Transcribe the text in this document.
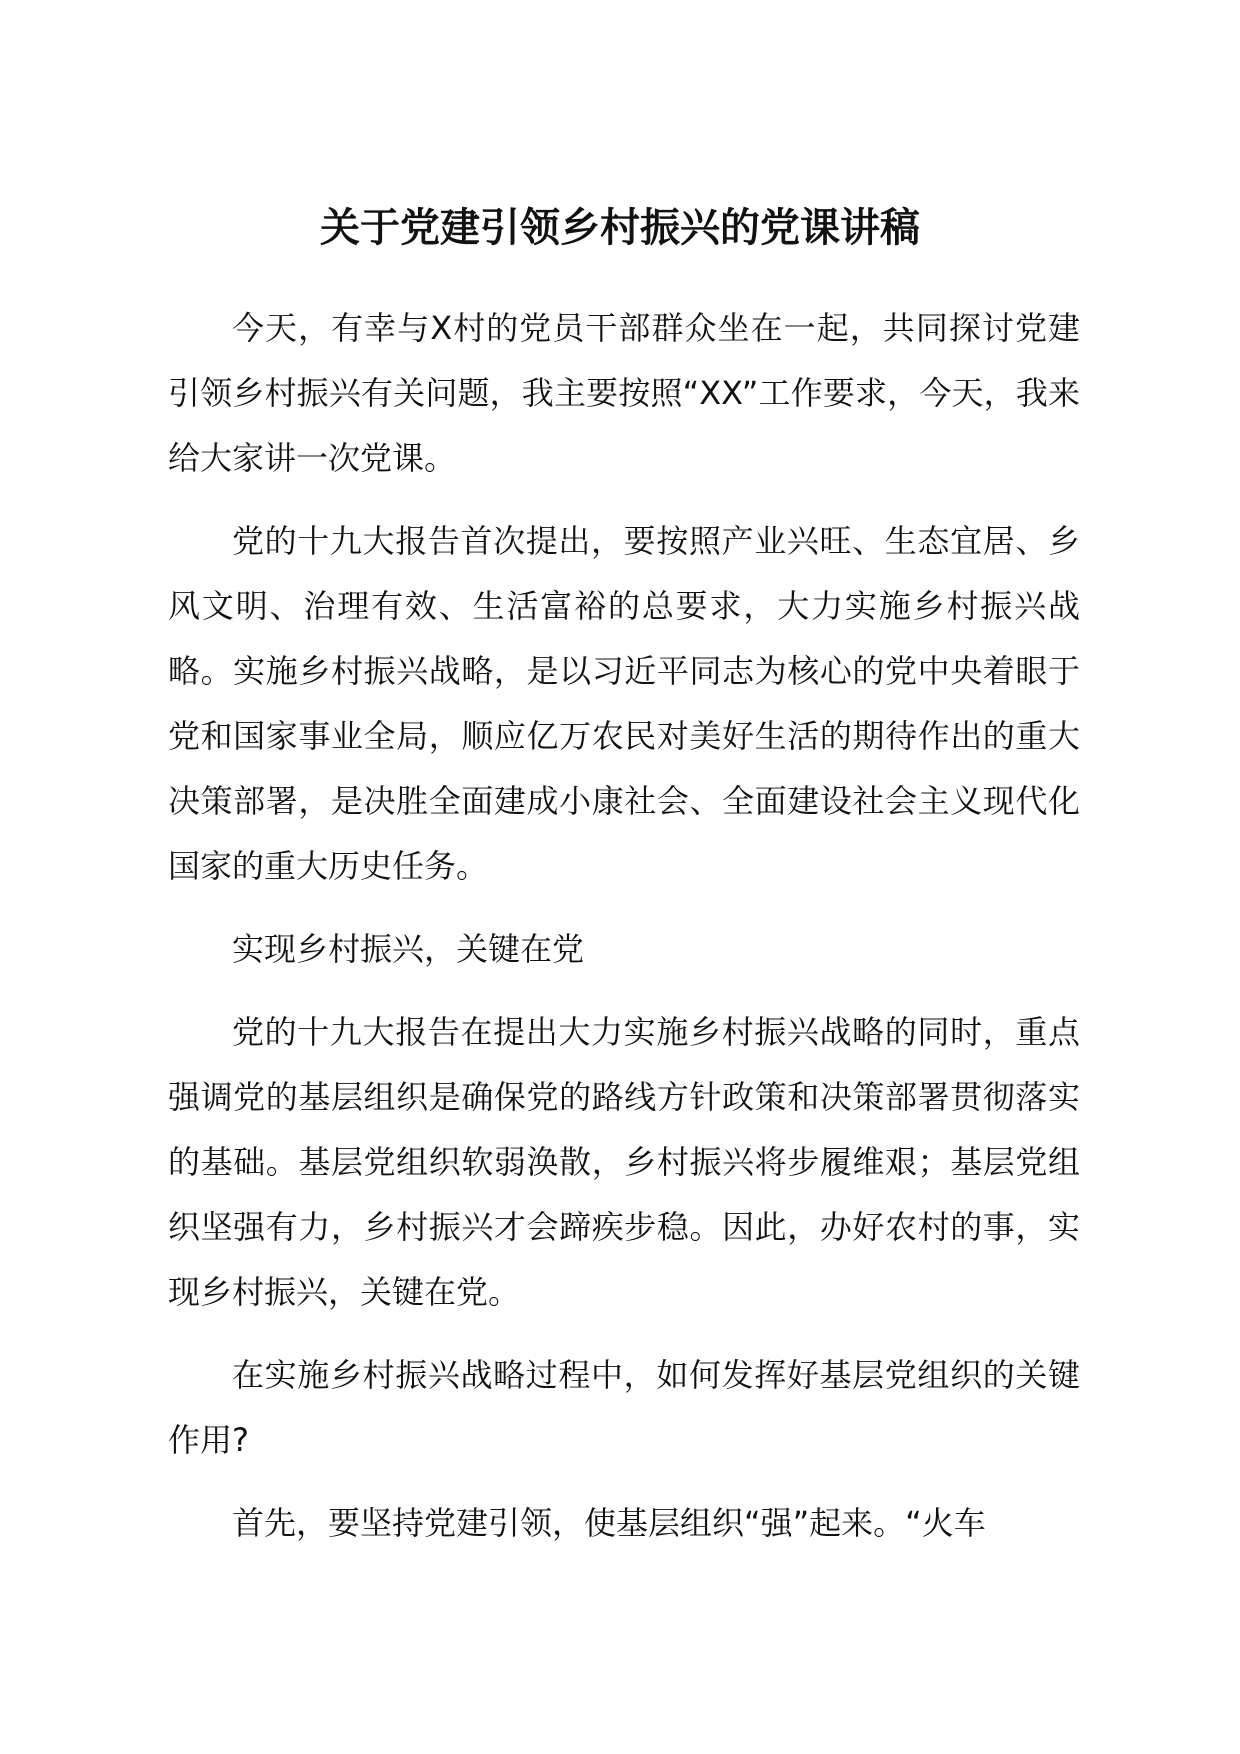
关于党建引领乡村振兴的党课讲稿

今天，有幸与X村的党员干部群众坐在一起，共同探讨党建引领乡村振兴有关问题，我主要按照“XX”工作要求，今天，我来给大家讲一次党课。

党的十九大报告首次提出，要按照产业兴旺、生态宜居、乡风文明、治理有效、生活富裕的总要求，大力实施乡村振兴战略。实施乡村振兴战略，是以习近平同志为核心的党中央着眼于党和国家事业全局，顺应亿万农民对美好生活的期待作出的重大决策部署，是决胜全面建成小康社会、全面建设社会主义现代化国家的重大历史任务。

实现乡村振兴，关键在党

党的十九大报告在提出大力实施乡村振兴战略的同时，重点强调党的基层组织是确保党的路线方针政策和决策部署贯彻落实的基础。基层党组织软弱涣散，乡村振兴将步履维艰；基层党组织坚强有力，乡村振兴才会蹄疾步稳。因此，办好农村的事，实现乡村振兴，关键在党。

在实施乡村振兴战略过程中，如何发挥好基层党组织的关键作用?

首先，要坚持党建引领，使基层组织“强”起来。“火车
